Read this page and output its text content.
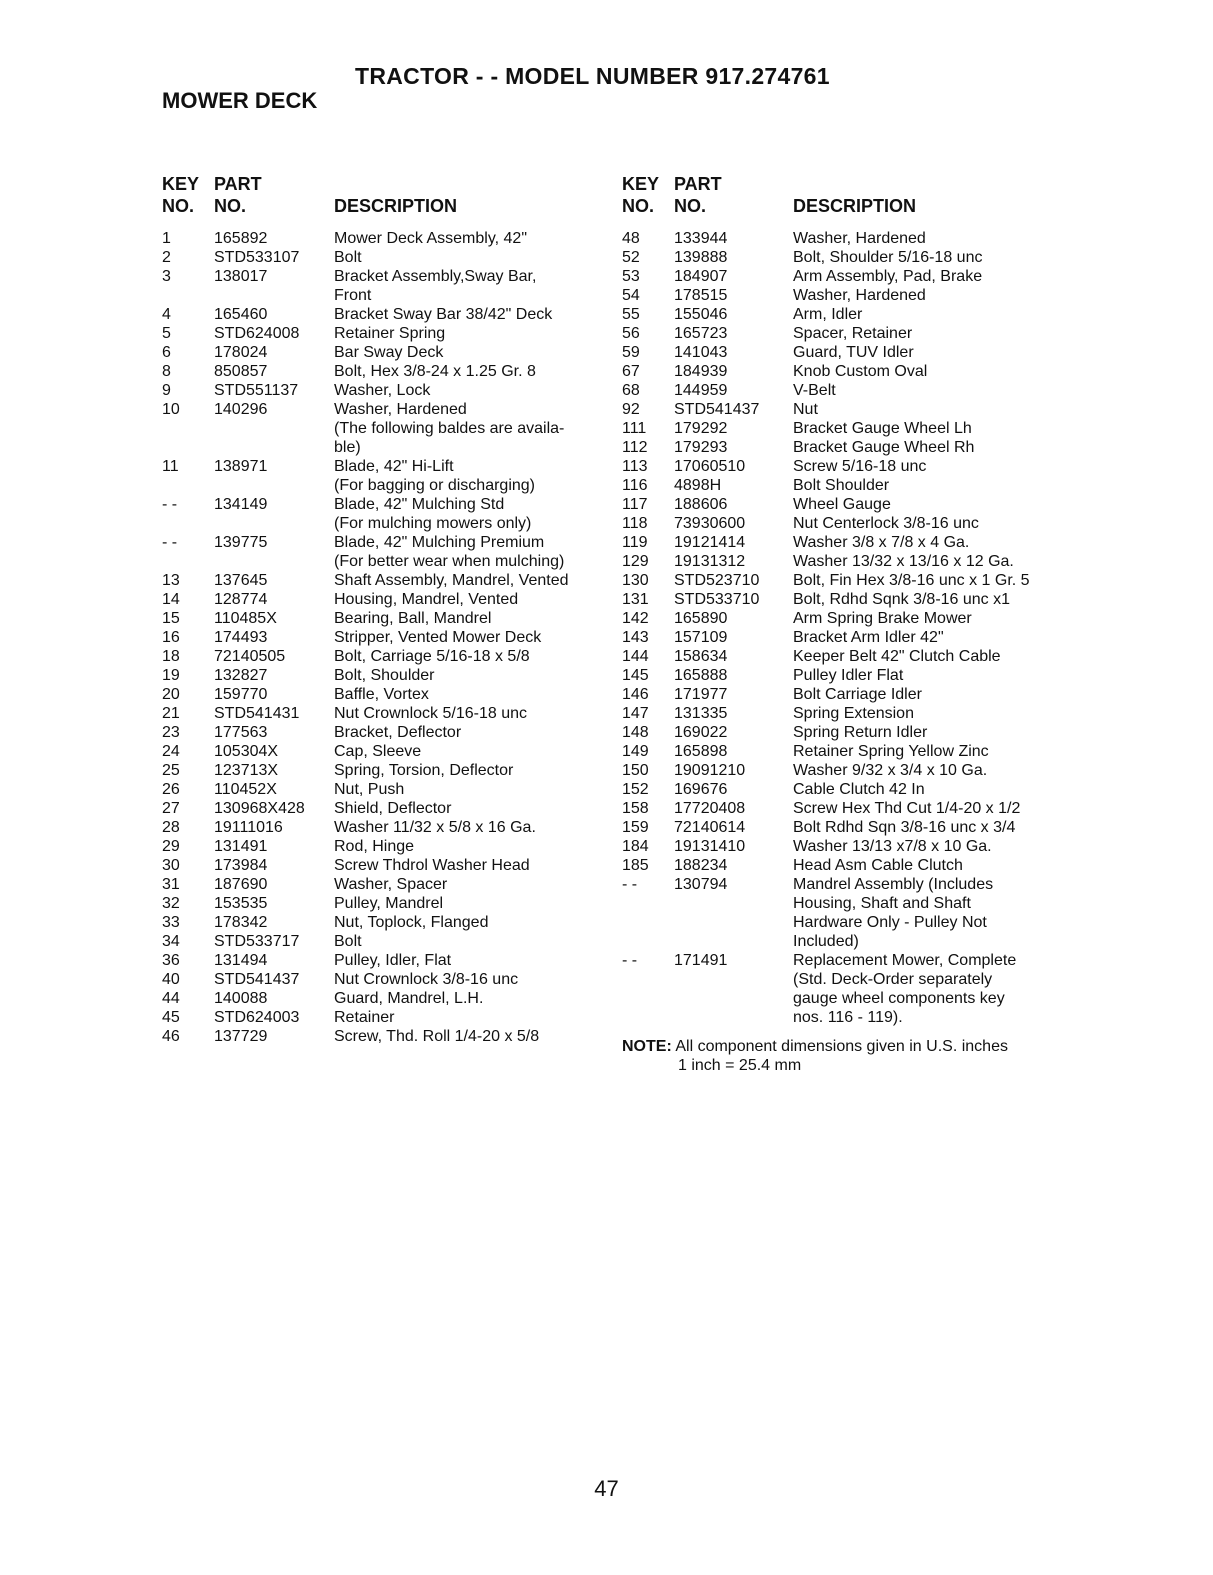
TRACTOR - - MODEL NUMBER 917.274761
MOWER DECK
KEY
NO.
PART
NO.	DESCRIPTION
KEY
NO.
PART
NO.	DESCRIPTION
1	165892	Mower Deck Assembly, 42"
2	STD533107 Bolt
3	138017	Bracket Assembly,Sway Bar,
Front
4	165460	Bracket Sway Bar 38/42" Deck
5	STD624008 Retainer Spring
6	178024	Bar Sway Deck
8	850857	Bolt, Hex 3/8-24 x 1.25 Gr. 8
9	STD551137 Washer, Lock
10 140296	Washer, Hardened
(The following baldes are availa-
ble)
11 138971	Blade, 42" Hi-Lift
(For bagging or discharging)
- - 134149	Blade, 42" Mulching Std
(For mulching mowers only)
- - 139775	Blade, 42" Mulching Premium
(For better wear when mulching)
13 137645	Shaft Assembly, Mandrel, Vented
14 128774	Housing, Mandrel, Vented
15 110485X	Bearing, Ball, Mandrel
16 174493	Stripper, Vented Mower Deck
18 72140505	Bolt, Carriage 5/16-18 x 5/8
19 132827	Bolt, Shoulder
20 159770	Baffle, Vortex
21 STD541431 Nut Crownlock 5/16-18 unc
23 177563	Bracket, Deflector
24 105304X	Cap, Sleeve
25 123713X	Spring, Torsion, Deflector
26 110452X	Nut, Push
27 130968X428 Shield, Deflector
28 19111016	Washer 11/32 x 5/8 x 16 Ga.
29 131491	Rod, Hinge
30 173984	Screw Thdrol Washer Head
31 187690	Washer, Spacer
32 153535	Pulley, Mandrel
33 178342	Nut, Toplock, Flanged
34 STD533717 Bolt
36 131494	Pulley, Idler, Flat
40 STD541437 Nut Crownlock 3/8-16 unc
44 140088	Guard, Mandrel, L.H.
45 STD624003 Retainer
46 137729	Screw, Thd. Roll 1/4-20 x 5/8
48 133944	Washer, Hardened
52 139888	Bolt, Shoulder 5/16-18 unc
53 184907	Arm Assembly, Pad, Brake
54 178515	Washer, Hardened
55 155046	Arm, Idler
56 165723	Spacer, Retainer
59 141043	Guard, TUV Idler
67 184939	Knob Custom Oval
68 144959	V-Belt
92 STD541437 Nut
111 179292	Bracket Gauge Wheel Lh
112 179293	Bracket Gauge Wheel Rh
113 17060510	Screw 5/16-18 unc
116 4898H	Bolt Shoulder
117 188606	Wheel Gauge
118 73930600	Nut Centerlock 3/8-16 unc
119 19121414	Washer 3/8 x 7/8 x 4 Ga.
129 19131312	Washer 13/32 x 13/16 x 12 Ga.
130 STD523710 Bolt, Fin Hex 3/8-16 unc x 1 Gr. 5
131 STD533710 Bolt, Rdhd Sqnk 3/8-16 unc x1
142 165890	Arm Spring Brake Mower
143 157109	Bracket Arm Idler 42"
144 158634	Keeper Belt 42" Clutch Cable
145 165888	Pulley Idler Flat
146 171977	Bolt Carriage Idler
147 131335	Spring Extension
148 169022	Spring Return Idler
149 165898	Retainer Spring Yellow Zinc
150 19091210	Washer 9/32 x 3/4 x 10 Ga.
152 169676	Cable Clutch 42 In
158 17720408	Screw Hex Thd Cut 1/4-20 x 1/2
159 72140614	Bolt Rdhd Sqn 3/8-16 unc x 3/4
184 19131410	Washer 13/13 x7/8 x 10 Ga.
185 188234	Head Asm Cable Clutch
- - 130794	Mandrel Assembly (Includes
Housing, Shaft and Shaft
Hardware Only - Pulley Not
Included)
- - 171491	Replacement Mower, Complete
(Std. Deck-Order separately
gauge wheel components key
nos. 116 - 119).
NOTE: All component dimensions given in U.S. inches
1 inch = 25.4 mm
47
